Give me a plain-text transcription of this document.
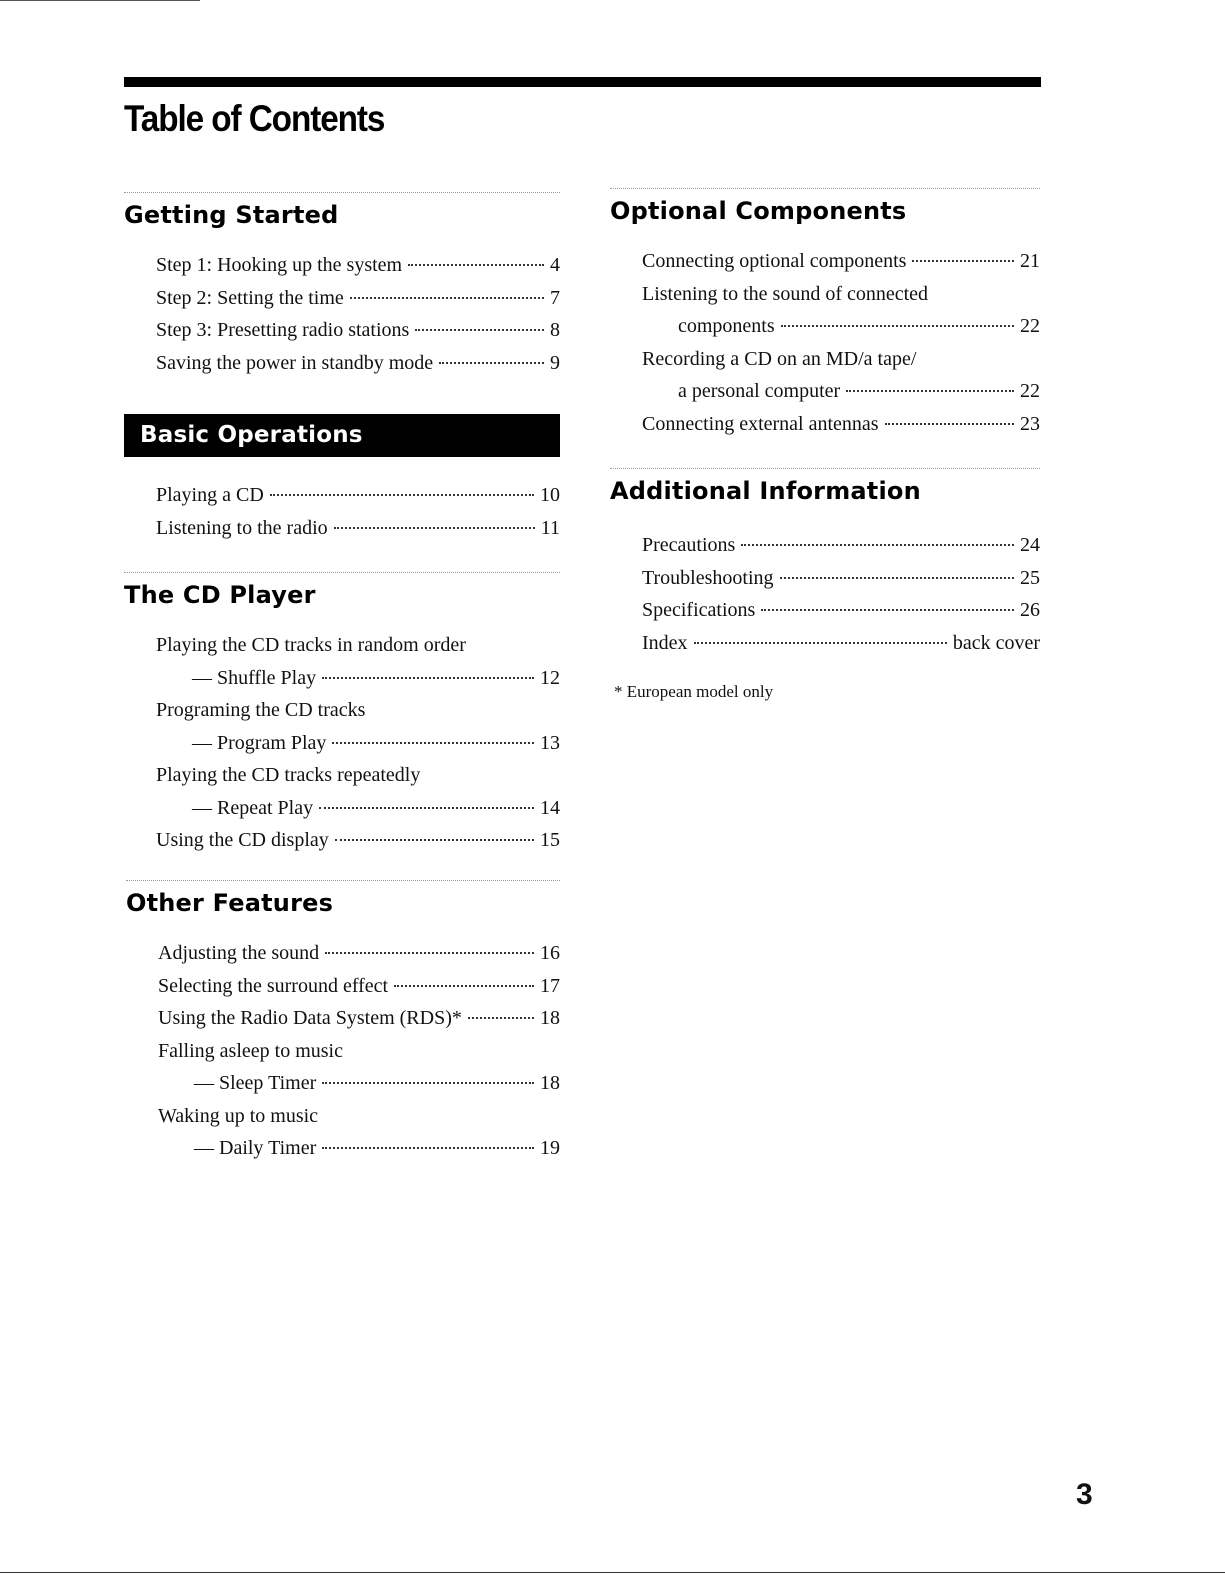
Table of Contents
Getting Started
Step 1: Hooking up the system	4
Step 2: Setting the time	7
Step 3: Presetting radio stations	8
Saving the power in standby mode	9
Basic Operations
Playing a CD	10
Listening to the radio	11
The CD Player
Playing the CD tracks in random order
— Shuffle Play	12
Programing the CD tracks
— Program Play	13
Playing the CD tracks repeatedly
— Repeat Play	14
Using the CD display	15
Other Features
Adjusting the sound	16
Selecting the surround effect	17
Using the Radio Data System (RDS)*	18
Falling asleep to music
— Sleep Timer	18
Waking up to music
— Daily Timer	19
Optional Components
Connecting optional components	21
Listening to the sound of connected
components	22
Recording a CD on an MD/a tape/
a personal computer	22
Connecting external antennas	23
Additional Information
Precautions	24
Troubleshooting	25
Specifications	26
Index	back cover
* European model only
3
